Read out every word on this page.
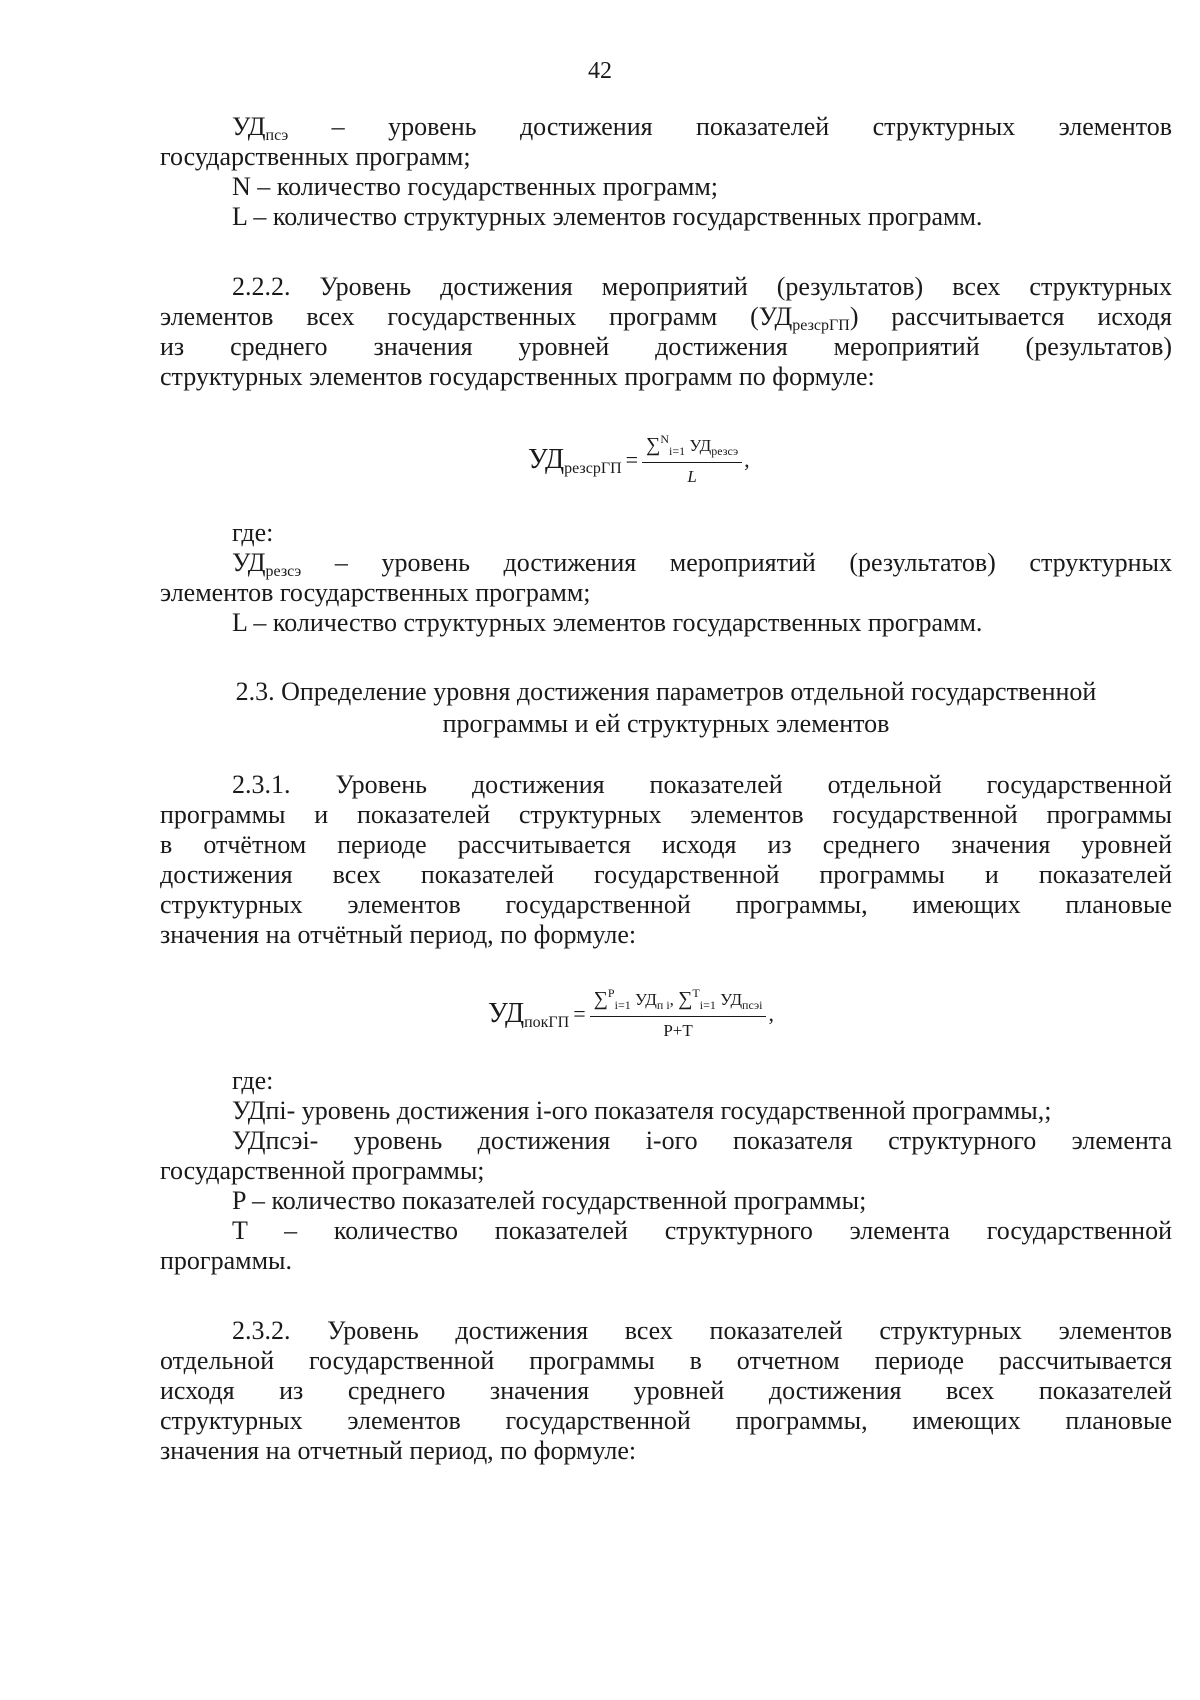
42

$УД_{псэ}$ – уровень достижения показателей структурных элементов

государственных программ;

N – количество государственных программ;

L – количество структурных элементов государственных программ.

2.2.2. Уровень достижения мероприятий (результатов) всех структурных

элементов всех государственных программ $(УД_{резсрГП})$ рассчитывается исходя

из среднего значения уровней достижения мероприятий (результатов)

структурных элементов государственных программ по формуле:

$УД_{резсрГП} = \frac{\sum^N_{i=1} УД_{резсэ}}{L}$ ,

где:

$УД_{резсэ}$ – уровень достижения мероприятий (результатов) структурных

элементов государственных программ;

L – количество структурных элементов государственных программ.

2.3. Определение уровня достижения параметров отдельной государственной
программы и ей структурных элементов

2.3.1. Уровень достижения показателей отдельной государственной

программы и показателей структурных элементов государственной программы

в отчётном периоде рассчитывается исходя из среднего значения уровней

достижения всех показателей государственной программы и показателей

структурных элементов государственной программы, имеющих плановые

значения на отчётный период, по формуле:

$УД_{покГП} = \frac{\sum^P_{i=1} УД_{п i}, \sum^T_{i=1} УД_{псэi}}{P+T}$ ,

где:

УДпi- уровень достижения i-ого показателя государственной программы,;

УДпсэi- уровень достижения i-ого показателя структурного элемента

государственной программы;

P – количество показателей государственной программы;

T – количество показателей структурного элемента государственной

программы.

2.3.2. Уровень достижения всех показателей структурных элементов

отдельной государственной программы в отчетном периоде рассчитывается

исходя из среднего значения уровней достижения всех показателей

структурных элементов государственной программы, имеющих плановые

значения на отчетный период, по формуле:
